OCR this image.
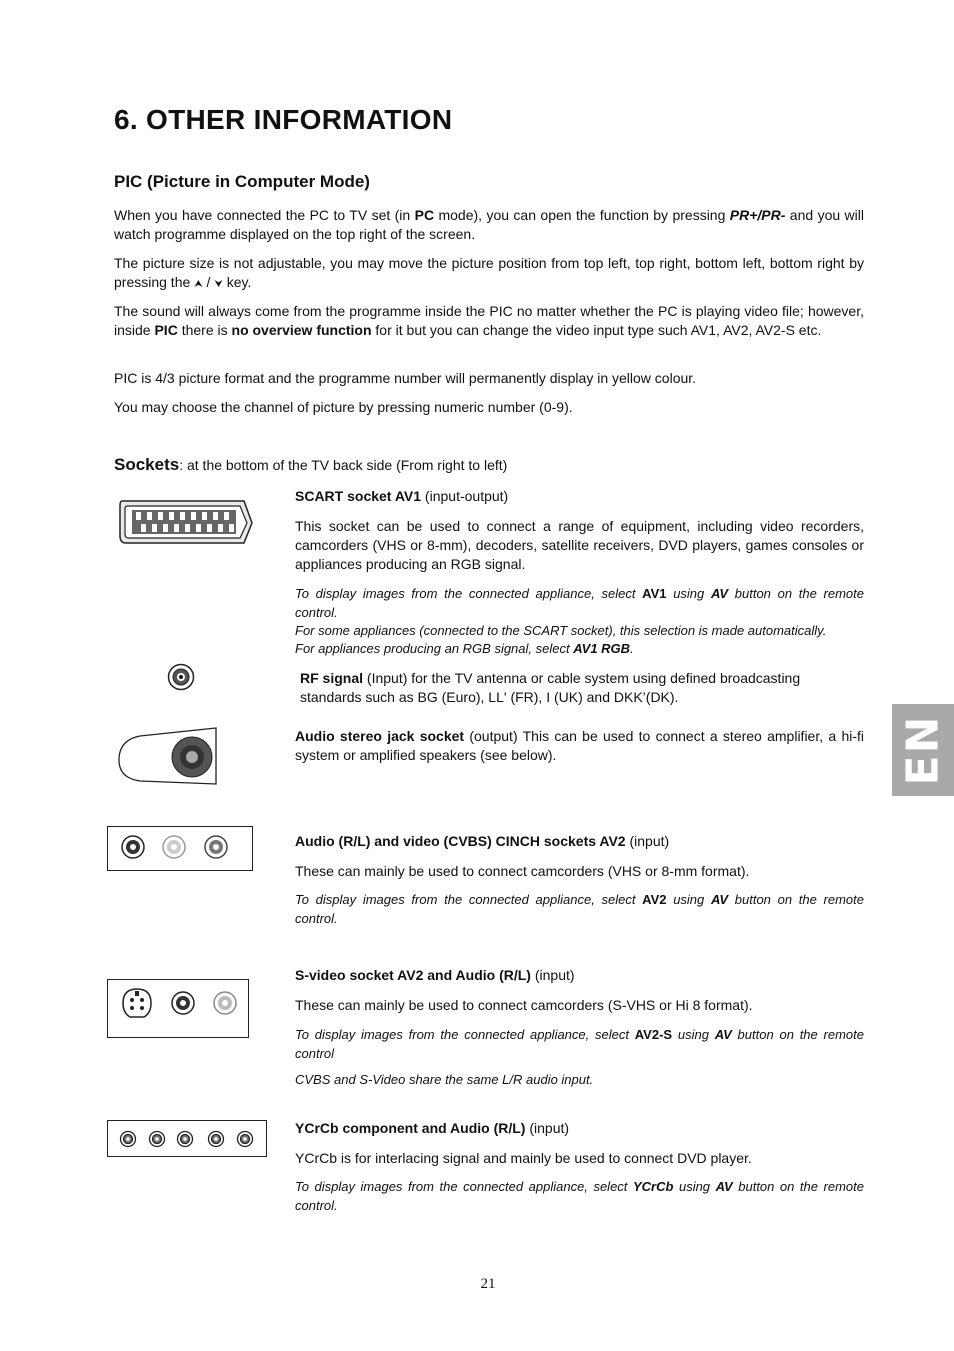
6. OTHER INFORMATION
PIC (Picture in Computer Mode)

When you have connected the PC to TV set (in PC mode), you can open the function by pressing PR+/PR- and you will watch programme displayed on the top right of the screen.

The picture size is not adjustable, you may move the picture position from top left, top right, bottom left, bottom right by pressing the ⮝ / ⮟ key.

The sound will always come from the programme inside the PIC no matter whether the PC is playing video file; however, inside PIC there is no overview function for it but you can change the video input type such AV1, AV2, AV2-S etc.

PIC is 4/3 picture format and the programme number will permanently display in yellow colour.

You may choose the channel of picture by pressing numeric number (0-9).

Sockets: at the bottom of the TV back side (From right to left)
SCART socket AV1 (input-output)

This socket can be used to connect a range of equipment, including video recorders, camcorders (VHS or 8-mm), decoders, satellite receivers, DVD players, games consoles or appliances producing an RGB signal.

To display images from the connected appliance, select AV1 using AV button on the remote control.

For some appliances (connected to the SCART socket), this selection is made automatically.

For appliances producing an RGB signal, select AV1 RGB.

RF signal (Input) for the TV antenna or cable system using defined broadcasting standards such as BG (Euro), LL' (FR), I (UK) and DKK’(DK).

Audio stereo jack socket (output) This can be used to connect a stereo amplifier, a hi-fi system or amplified speakers (see below).

Audio (R/L) and video (CVBS) CINCH sockets AV2 (input)

These can mainly be used to connect camcorders (VHS or 8-mm format).

To display images from the connected appliance, select AV2 using AV button on the remote control.

S-video socket AV2 and Audio (R/L) (input)

These can mainly be used to connect camcorders (S-VHS or Hi 8 format).

To display images from the connected appliance, select AV2-S using AV button on the remote control

CVBS and S-Video share the same L/R audio input.

YCrCb component and Audio (R/L) (input)

YCrCb is for interlacing signal and mainly be used to connect DVD player.

To display images from the connected appliance, select YCrCb using AV button on the remote control.

EN
21
